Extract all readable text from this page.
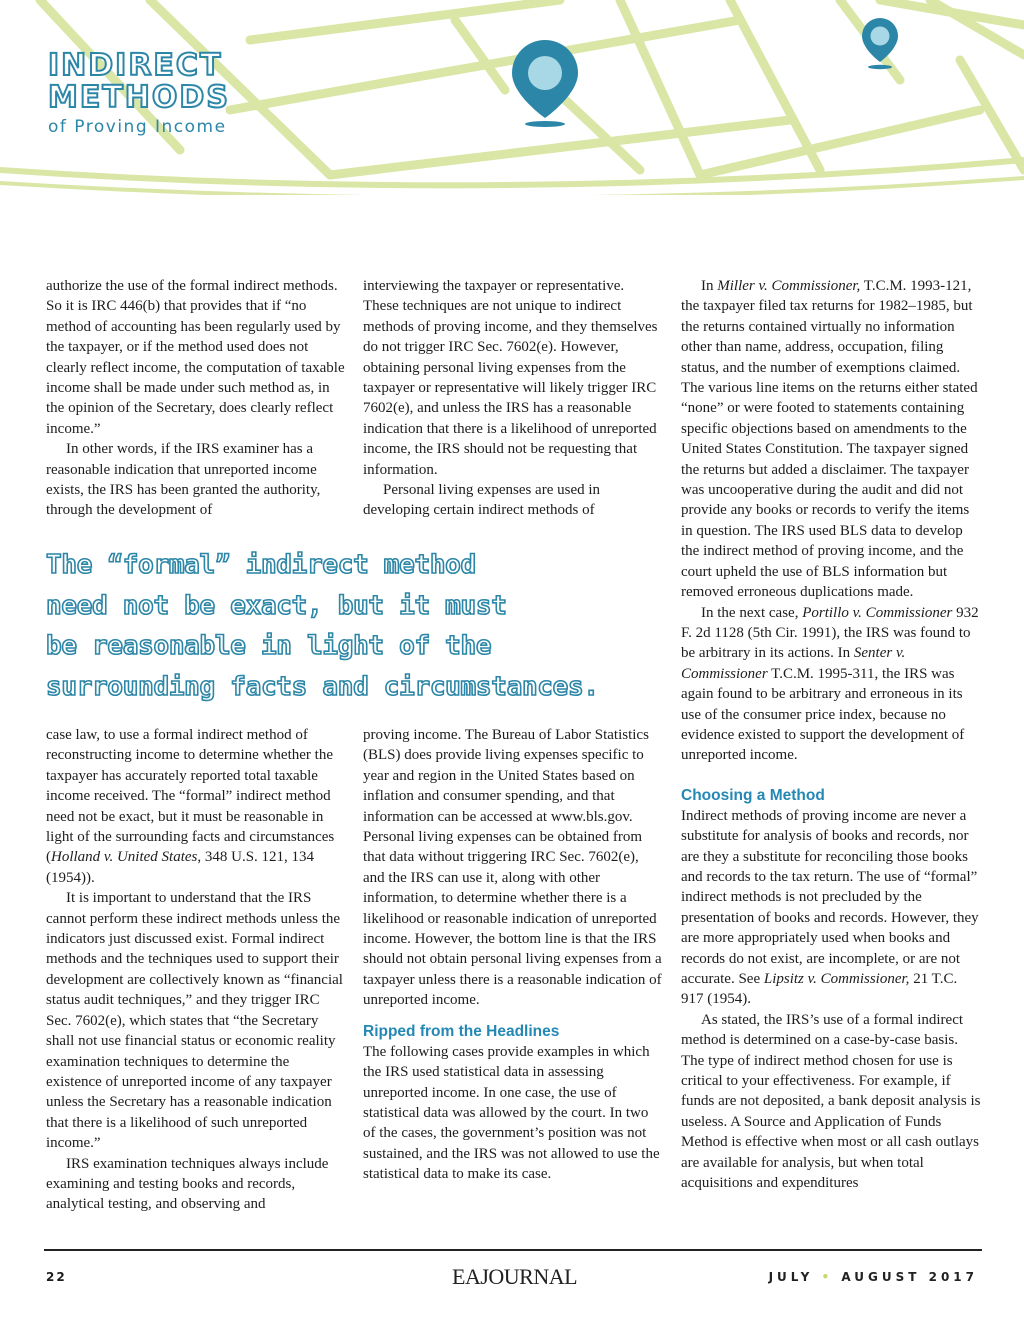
INDIRECT
METHODS
of Proving Income

authorize the use of the formal indirect methods. So it is IRC 446(b) that provides that if “no method of accounting has been regularly used by the taxpayer, or if the method used does not clearly reflect income, the computation of taxable income shall be made under such method as, in the opinion of the Secretary, does clearly reflect income.”

In other words, if the IRS examiner has a reasonable indication that unreported income exists, the IRS has been granted the authority, through the development of

interviewing the taxpayer or representative. These techniques are not unique to indirect methods of proving income, and they themselves do not trigger IRC Sec. 7602(e). However, obtaining personal living expenses from the taxpayer or representative will likely trigger IRC 7602(e), and unless the IRS has a reasonable indication that there is a likelihood of unreported income, the IRS should not be requesting that information.

Personal living expenses are used in developing certain indirect methods of

The “formal” indirect method
need not be exact, but it must
be reasonable in light of the
surrounding facts and circumstances.

case law, to use a formal indirect method of reconstructing income to determine whether the taxpayer has accurately reported total taxable income received. The “formal” indirect method need not be exact, but it must be reasonable in light of the surrounding facts and circumstances (Holland v. United States, 348 U.S. 121, 134 (1954)).

It is important to understand that the IRS cannot perform these indirect methods unless the indicators just discussed exist. Formal indirect methods and the techniques used to support their development are collectively known as “financial status audit techniques,” and they trigger IRC Sec. 7602(e), which states that “the Secretary shall not use financial status or economic reality examination techniques to determine the existence of unreported income of any taxpayer unless the Secretary has a reasonable indication that there is a likelihood of such unreported income.”

IRS examination techniques always include examining and testing books and records, analytical testing, and observing and

proving income. The Bureau of Labor Statistics (BLS) does provide living expenses specific to year and region in the United States based on inflation and consumer spending, and that information can be accessed at www.bls.gov. Personal living expenses can be obtained from that data without triggering IRC Sec. 7602(e), and the IRS can use it, along with other information, to determine whether there is a likelihood or reasonable indication of unreported income. However, the bottom line is that the IRS should not obtain personal living expenses from a taxpayer unless there is a reasonable indication of unreported income.

Ripped from the Headlines

The following cases provide examples in which the IRS used statistical data in assessing unreported income. In one case, the use of statistical data was allowed by the court. In two of the cases, the government’s position was not sustained, and the IRS was not allowed to use the statistical data to make its case.

In Miller v. Commissioner, T.C.M. 1993-121, the taxpayer filed tax returns for 1982–1985, but the returns contained virtually no information other than name, address, occupation, filing status, and the number of exemptions claimed. The various line items on the returns either stated “none” or were footed to statements containing specific objections based on amendments to the United States Constitution. The taxpayer signed the returns but added a disclaimer. The taxpayer was uncooperative during the audit and did not provide any books or records to verify the items in question. The IRS used BLS data to develop the indirect method of proving income, and the court upheld the use of BLS information but removed erroneous duplications made.

In the next case, Portillo v. Commissioner 932 F. 2d 1128 (5th Cir. 1991), the IRS was found to be arbitrary in its actions. In Senter v. Commissioner T.C.M. 1995-311, the IRS was again found to be arbitrary and erroneous in its use of the consumer price index, because no evidence existed to support the development of unreported income.

Choosing a Method

Indirect methods of proving income are never a substitute for analysis of books and records, nor are they a substitute for reconciling those books and records to the tax return. The use of “formal” indirect methods is not precluded by the presentation of books and records. However, they are more appropriately used when books and records do not exist, are incomplete, or are not accurate. See Lipsitz v. Commissioner, 21 T.C. 917 (1954).

As stated, the IRS’s use of a formal indirect method is determined on a case-by-case basis. The type of indirect method chosen for use is critical to your effectiveness. For example, if funds are not deposited, a bank deposit analysis is useless. A Source and Application of Funds Method is effective when most or all cash outlays are available for analysis, but when total acquisitions and expenditures

22	EAJOURNAL	JULY • AUGUST 2017
